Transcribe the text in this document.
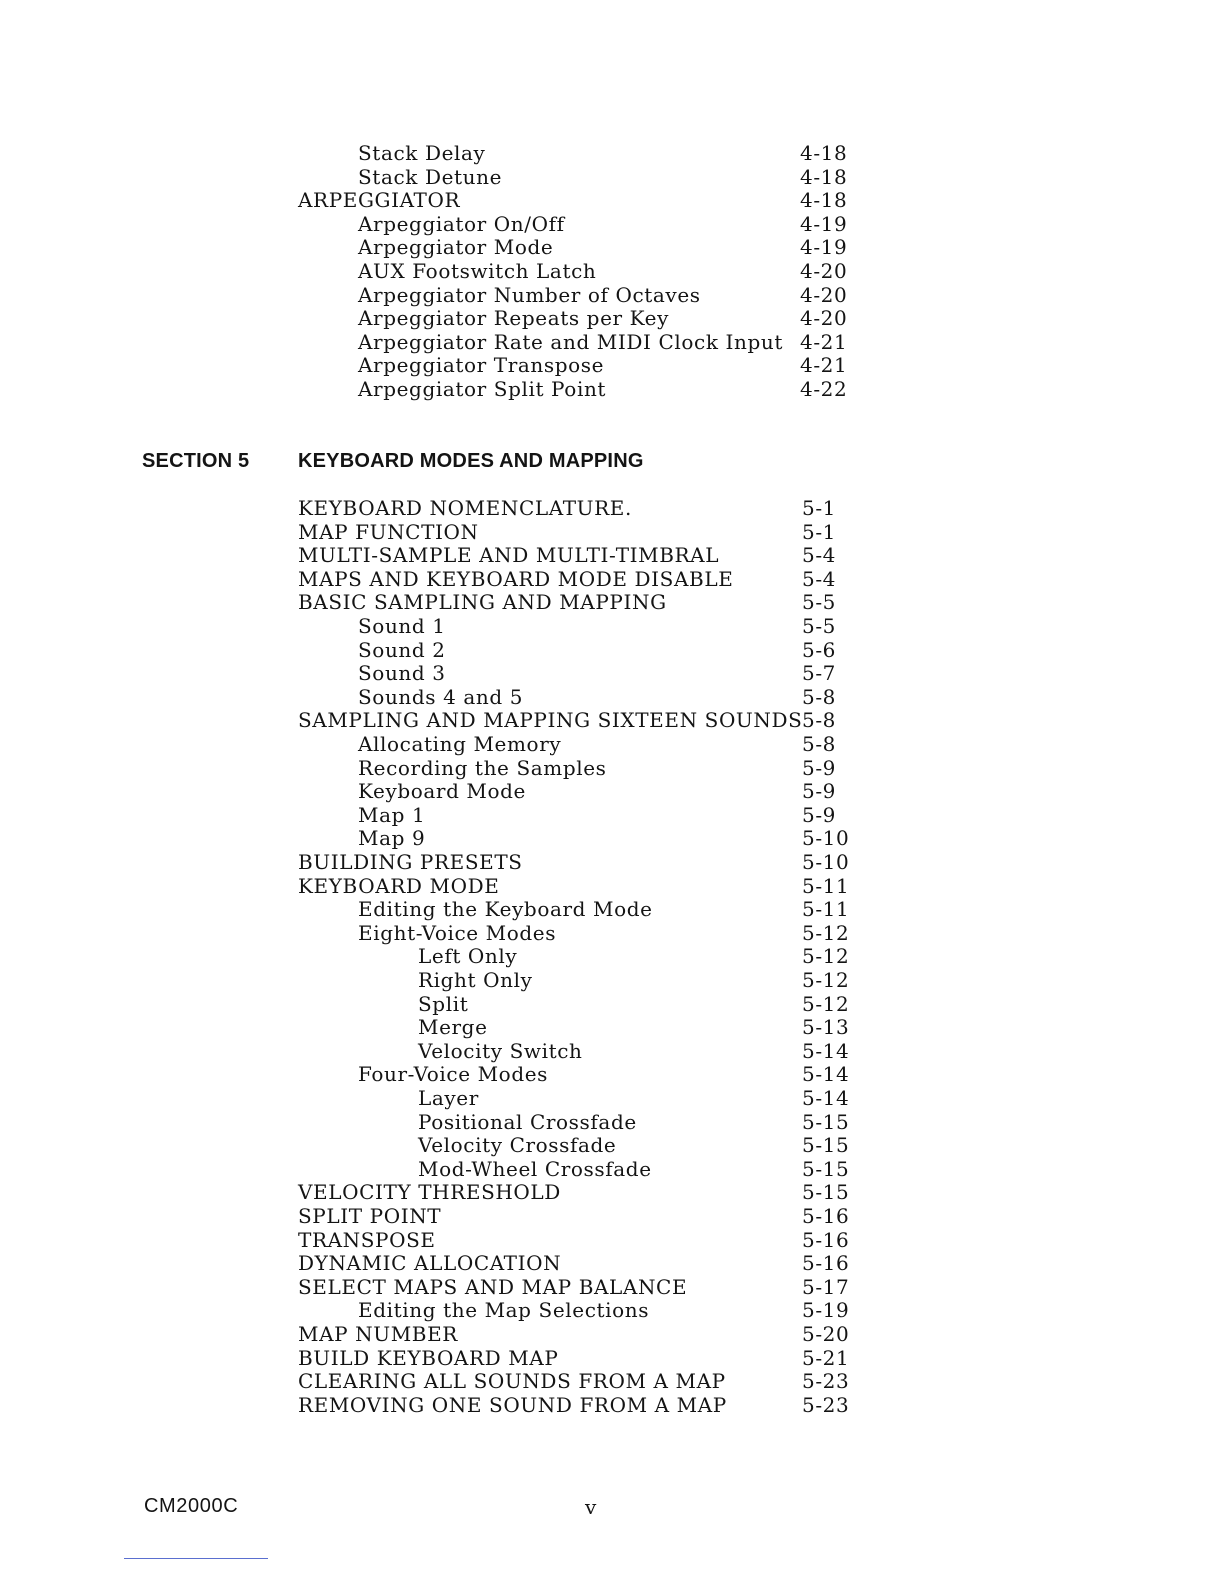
Stack Delay	4-18
Stack Detune	4-18
ARPEGGIATOR	4-18
Arpeggiator On/Off	4-19
Arpeggiator Mode	4-19
AUX Footswitch Latch	4-20
Arpeggiator Number of Octaves	4-20
Arpeggiator Repeats per Key	4-20
Arpeggiator Rate and MIDI Clock Input 4-21
Arpeggiator Transpose	4-21
Arpeggiator Split Point	4-22
SECTION 5 KEYBOARD MODES AND MAPPING
KEYBOARD NOMENCLATURE.	5-1
MAP FUNCTION	5-1
MULTI-SAMPLE AND MULTI-TIMBRAL	5-4
MAPS AND KEYBOARD MODE DISABLE	5-4
BASIC SAMPLING AND MAPPING	5-5
Sound 1	5-5
Sound 2	5-6
Sound 3	5-7
Sounds 4 and 5	5-8
SAMPLING AND MAPPING SIXTEEN SOUNDS 5-8
Allocating Memory	5-8
Recording the Samples	5-9
Keyboard Mode	5-9
Map 1	5-9
Map 9	5-10
BUILDING PRESETS	5-10
KEYBOARD MODE	5-11
Editing the Keyboard Mode	5-11
Eight-Voice Modes	5-12
Left Only	5-12
Right Only	5-12
Split	5-12
Merge	5-13
Velocity Switch	5-14
Four-Voice Modes	5-14
Layer	5-14
Positional Crossfade	5-15
Velocity Crossfade	5-15
Mod-Wheel Crossfade	5-15
VELOCITY THRESHOLD	5-15
SPLIT POINT	5-16
TRANSPOSE	5-16
DYNAMIC ALLOCATION	5-16
SELECT MAPS AND MAP BALANCE	5-17
Editing the Map Selections	5-19
MAP NUMBER	5-20
BUILD KEYBOARD MAP	5-21
CLEARING ALL SOUNDS FROM A MAP	5-23
REMOVING ONE SOUND FROM A MAP	5-23
CM2000C	v
